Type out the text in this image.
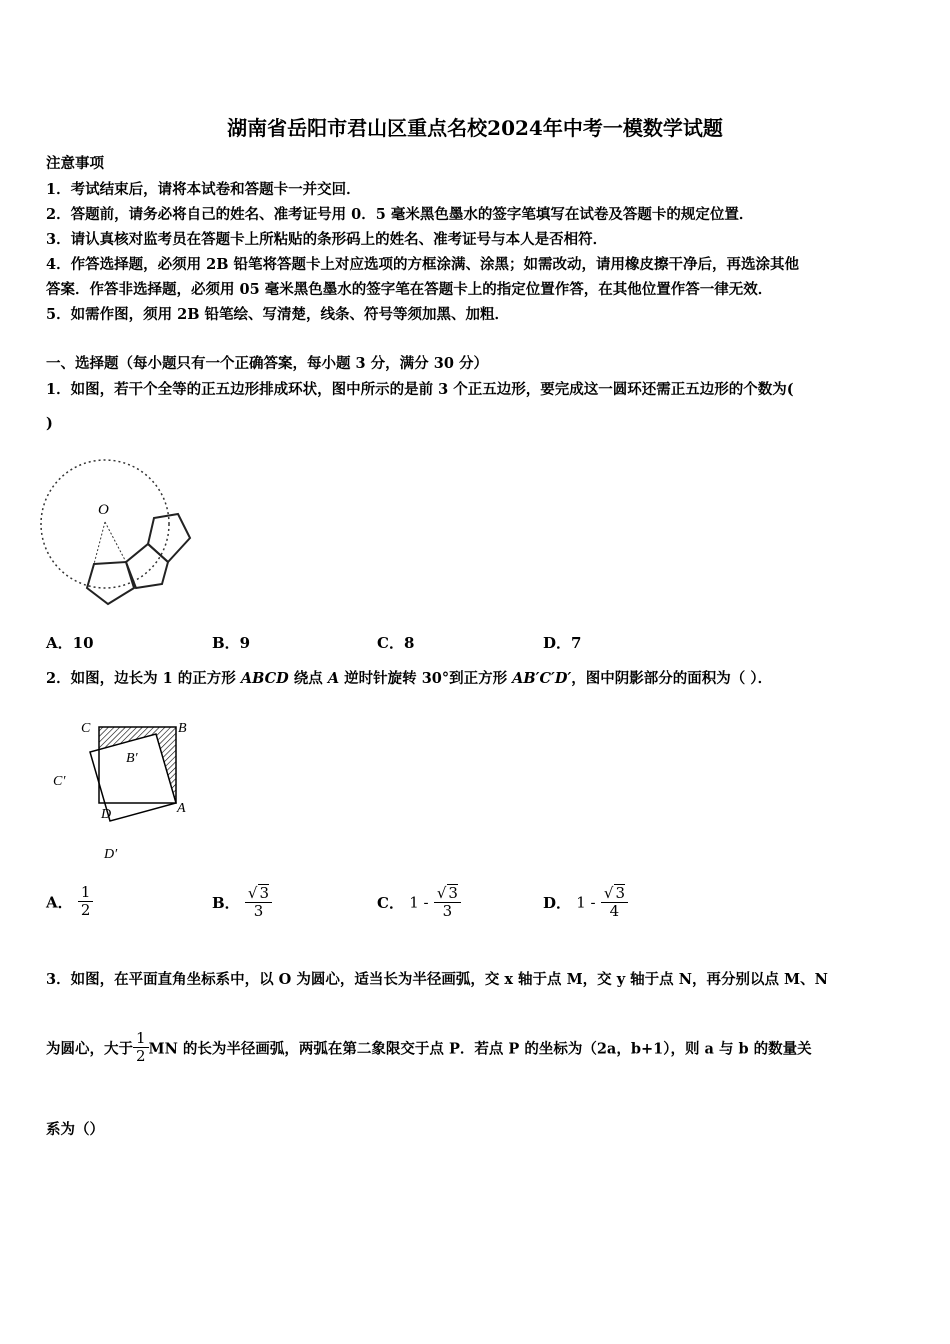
湖南省岳阳市君山区重点名校2024年中考一模数学试题
注意事项
1．考试结束后，请将本试卷和答题卡一并交回．
2．答题前，请务必将自己的姓名、准考证号用 0．5 毫米黑色墨水的签字笔填写在试卷及答题卡的规定位置．
3．请认真核对监考员在答题卡上所粘贴的条形码上的姓名、准考证号与本人是否相符．
4．作答选择题，必须用 2B 铅笔将答题卡上对应选项的方框涂满、涂黑；如需改动，请用橡皮擦干净后，再选涂其他
答案．作答非选择题，必须用 05 毫米黑色墨水的签字笔在答题卡上的指定位置作答，在其他位置作答一律无效．
5．如需作图，须用 2B 铅笔绘、写清楚，线条、符号等须加黑、加粗．
一、选择题（每小题只有一个正确答案，每小题 3 分，满分 30 分）
1．如图，若干个全等的正五边形排成环状，图中所示的是前 3 个正五边形，要完成这一圆环还需正五边形的个数为(
)
O
A．10	B．9	C．8	D．7
2．如图，边长为 1 的正方形 ABCD 绕点 A 逆时针旋转 30°到正方形 AB′C′D′，图中阴影部分的面积为（ ）．
C	B
B′
C′
D	A
D′
A． $\frac{1}{2}$	B． $\frac{√ 3}{3}$	C． $1 - \frac{√ 3}{3}$	D． $1 - \frac{√ 3}{4}$
3．如图，在平面直角坐标系中，以 O 为圆心，适当长为半径画弧，交 x 轴于点 M，交 y 轴于点 N，再分别以点 M、N
为圆心，大于 $\frac{1}{2}$ MN 的长为半径画弧，两弧在第二象限交于点 P．若点 P 的坐标为（2a，b+1），则 a 与 b 的数量关
系为（）
